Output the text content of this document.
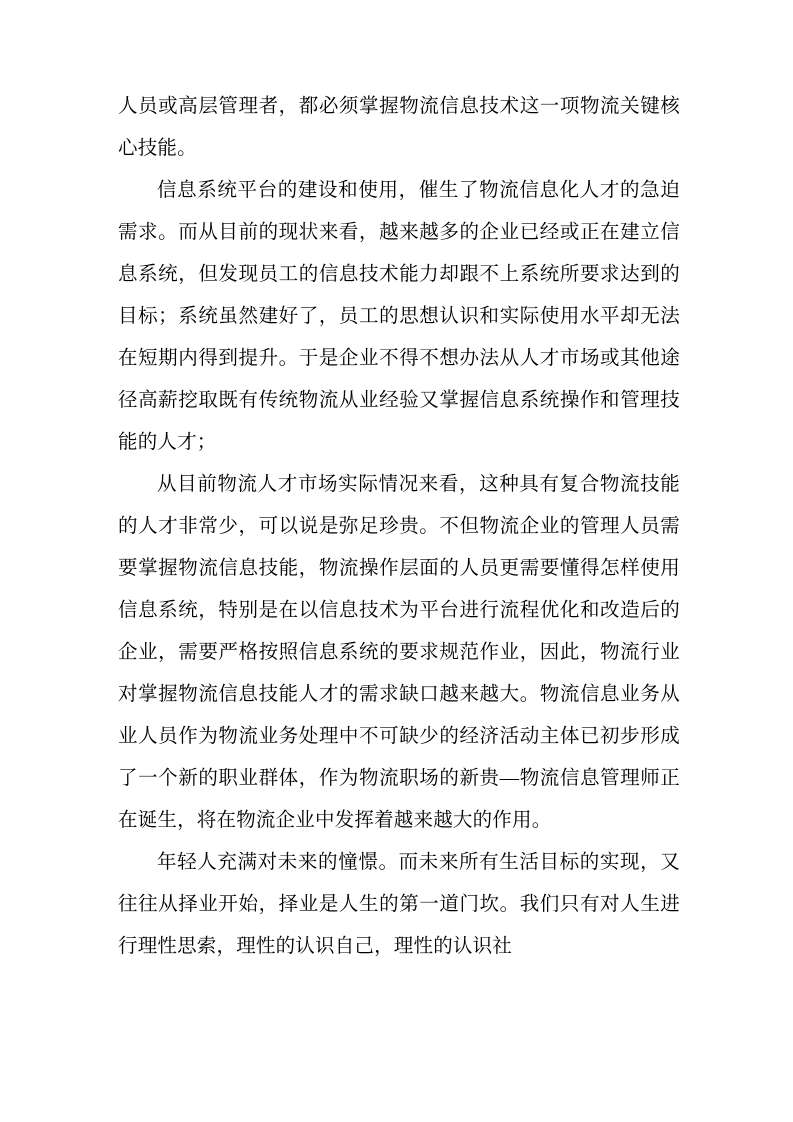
人员或高层管理者，都必须掌握物流信息技术这一项物流关键核心技能。

信息系统平台的建设和使用，催生了物流信息化人才的急迫需求。而从目前的现状来看，越来越多的企业已经或正在建立信息系统，但发现员工的信息技术能力却跟不上系统所要求达到的目标；系统虽然建好了，员工的思想认识和实际使用水平却无法在短期内得到提升。于是企业不得不想办法从人才市场或其他途径高薪挖取既有传统物流从业经验又掌握信息系统操作和管理技能的人才；

从目前物流人才市场实际情况来看，这种具有复合物流技能的人才非常少，可以说是弥足珍贵。不但物流企业的管理人员需要掌握物流信息技能，物流操作层面的人员更需要懂得怎样使用信息系统，特别是在以信息技术为平台进行流程优化和改造后的企业，需要严格按照信息系统的要求规范作业，因此，物流行业对掌握物流信息技能人才的需求缺口越来越大。物流信息业务从业人员作为物流业务处理中不可缺少的经济活动主体已初步形成了一个新的职业群体，作为物流职场的新贵—物流信息管理师正在诞生，将在物流企业中发挥着越来越大的作用。

年轻人充满对未来的憧憬。而未来所有生活目标的实现，又往往从择业开始，择业是人生的第一道门坎。我们只有对人生进行理性思索，理性的认识自己，理性的认识社
